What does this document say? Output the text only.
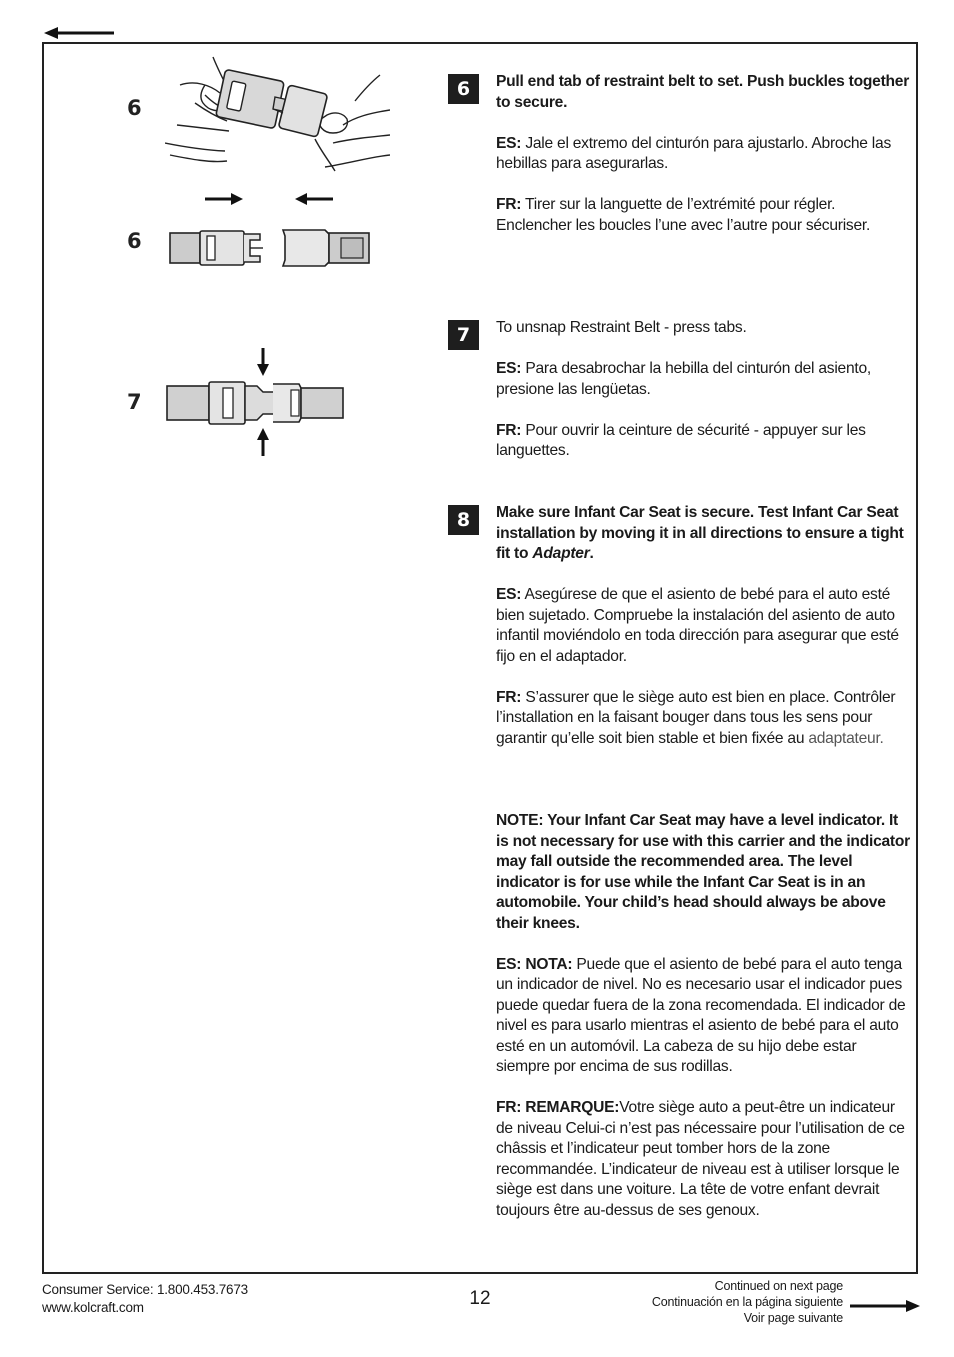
6
6
7
6	Pull end tab of restraint belt to set. Push buckles together to secure.

ES: Jale el extremo del cinturón para ajustarlo. Abroche las hebillas para asegurarlas.

FR: Tirer sur la languette de l’extrémité pour régler. Enclencher les boucles l’une avec l’autre pour sécuriser.

7	To unsnap Restraint Belt - press tabs.

ES: Para desabrochar la hebilla del cinturón del asiento, presione las lengüetas.

FR: Pour ouvrir la ceinture de sécurité - appuyer sur les languettes.

8	Make sure Infant Car Seat is secure. Test Infant Car Seat installation by moving it in all directions to ensure a tight fit to Adapter.

ES: Asegúrese de que el asiento de bebé para el auto esté bien sujetado. Compruebe la instalación del asiento de auto infantil moviéndolo en toda dirección para asegurar que esté fijo en el adaptador.

FR: S’assurer que le siège auto est bien en place. Contrôler l’installation en la faisant bouger dans tous les sens pour garantir qu’elle soit bien stable et bien fixée au adaptateur.

NOTE: Your Infant Car Seat may have a level indicator. It is not necessary for use with this carrier and the indicator may fall outside the recommended area. The level indicator is for use while the Infant Car Seat is in an automobile. Your child’s head should always be above their knees.

ES: NOTA: Puede que el asiento de bebé para el auto tenga un indicador de nivel. No es necesario usar el indicador pues puede quedar fuera de la zona recomendada. El indicador de nivel es para usarlo mientras el asiento de bebé para el auto esté en un automóvil. La cabeza de su hijo debe estar siempre por encima de sus rodillas.

FR: REMARQUE:Votre siège auto a peut-être un indicateur de niveau Celui-ci n’est pas nécessaire pour l’utilisation de ce châssis et l’indicateur peut tomber hors de la zone recommandée. L’indicateur de niveau est à utiliser lorsque le siège est dans une voiture. La tête de votre enfant devrait toujours être au-dessus de ses genoux.

Consumer Service: 1.800.453.7673
www.kolcraft.com	12
Continued on next page
Continuación en la página siguiente
Voir page suivante
